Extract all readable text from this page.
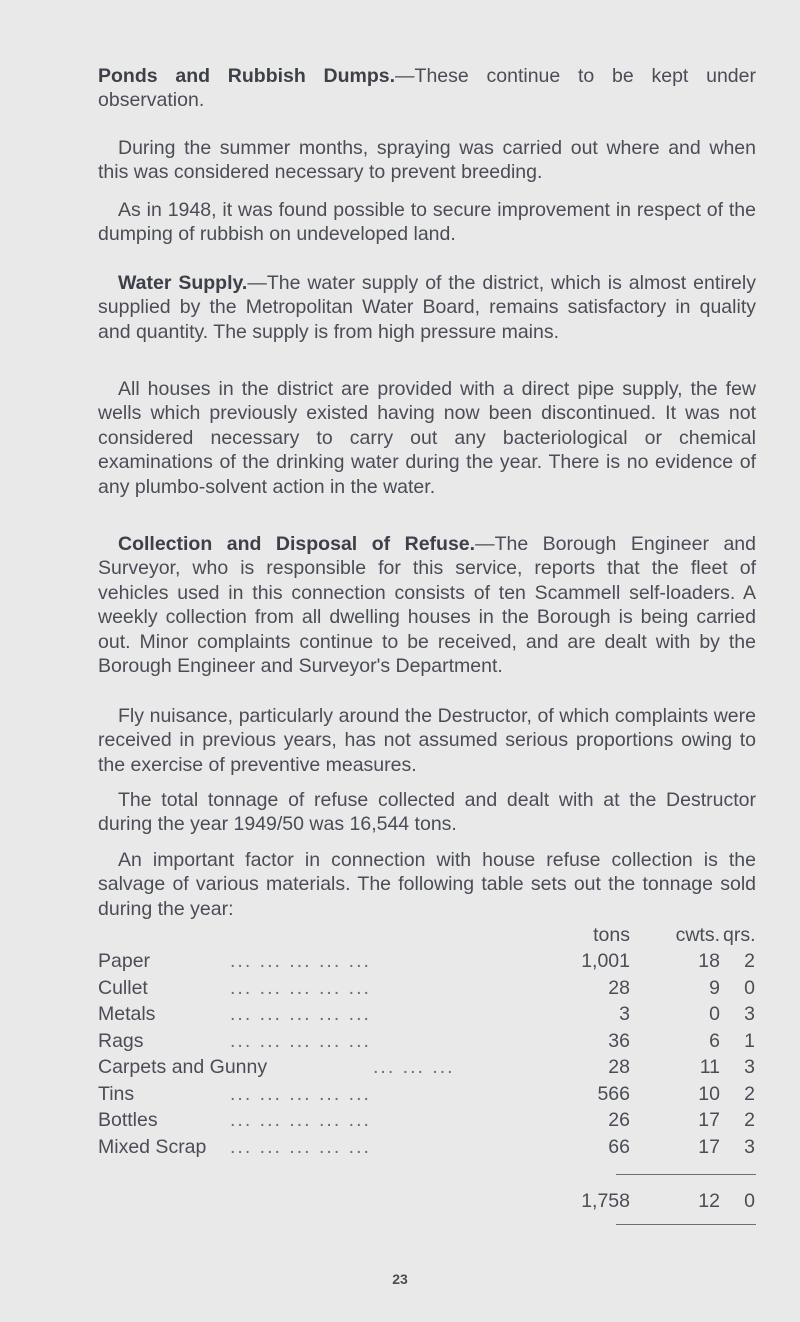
Ponds and Rubbish Dumps.—These continue to be kept under observation.

During the summer months, spraying was carried out where and when this was considered necessary to prevent breeding.

As in 1948, it was found possible to secure improvement in respect of the dumping of rubbish on undeveloped land.

Water Supply.—The water supply of the district, which is almost entirely supplied by the Metropolitan Water Board, remains satisfactory in quality and quantity. The supply is from high pressure mains.

All houses in the district are provided with a direct pipe supply, the few wells which previously existed having now been discontinued. It was not considered necessary to carry out any bacteriological or chemical examinations of the drinking water during the year. There is no evidence of any plumbo-solvent action in the water.

Collection and Disposal of Refuse.—The Borough Engineer and Surveyor, who is responsible for this service, reports that the fleet of vehicles used in this connection consists of ten Scammell self-loaders. A weekly collection from all dwelling houses in the Borough is being carried out. Minor complaints continue to be received, and are dealt with by the Borough Engineer and Surveyor's Department.

Fly nuisance, particularly around the Destructor, of which complaints were received in previous years, has not assumed serious proportions owing to the exercise of preventive measures.

The total tonnage of refuse collected and dealt with at the Destructor during the year 1949/50 was 16,544 tons.

An important factor in connection with house refuse collection is the salvage of various materials. The following table sets out the tonnage sold during the year:

tons	cwts. qrs.
Paper	... ... ... ... ...	1,001	18	2
Cullet	... ... ... ... ...	28	9	0
Metals	... ... ... ... ...	3	0	3
Rags	... ... ... ... ...	36	6	1
Carpets and Gunny	... ... ...	28	11	3
Tins	... ... ... ... ...	566	10	2
Bottles	... ... ... ... ...	26	17	2
Mixed Scrap ... ... ... ... ...	66	17	3
1,758	12	0
23
